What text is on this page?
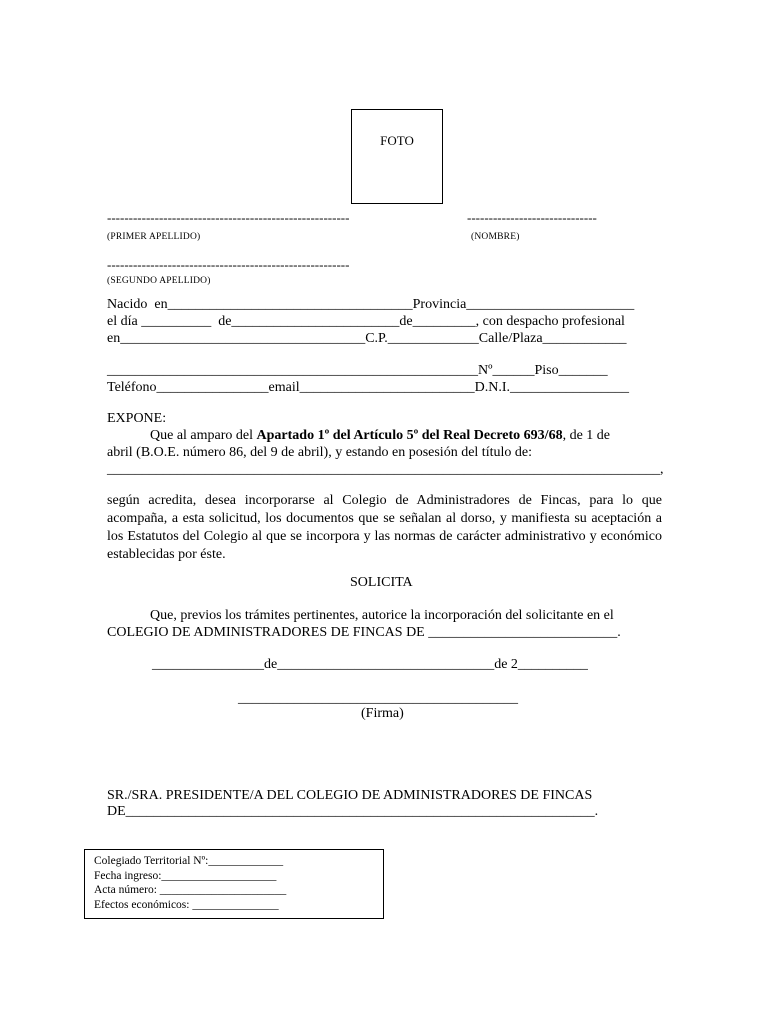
FOTO
--------------------------------------------------------
(PRIMER APELLIDO)
------------------------------
(NOMBRE)
--------------------------------------------------------
(SEGUNDO APELLIDO)
Nacido  en___________________________________Provincia________________________
el día __________  de________________________de_________, con despacho profesional
en___________________________________C.P._____________Calle/Plaza____________
_____________________________________________________Nº______Piso_______
Teléfono________________email_________________________D.N.I._________________
EXPONE:
Que al amparo del Apartado 1º del Artículo 5º del Real Decreto 693/68, de 1 de
abril (B.O.E. número 86, del 9 de abril), y estando en posesión del título de:
_______________________________________________________________________________,
según acredita, desea incorporarse al Colegio de Administradores de Fincas, para lo que acompaña, a esta solicitud, los documentos que se señalan al dorso, y manifiesta su aceptación a los Estatutos del Colegio al que se incorpora y las normas de carácter administrativo y económico establecidas por éste.
SOLICITA
Que, previos los trámites pertinentes, autorice la incorporación del solicitante en el
COLEGIO DE ADMINISTRADORES DE FINCAS DE ___________________________.
________________de_______________________________de 2__________
________________________________________
(Firma)
SR./SRA. PRESIDENTE/A DEL COLEGIO DE ADMINISTRADORES DE FINCAS
DE___________________________________________________________________.
Colegiado Territorial Nº:_____________
Fecha ingreso:____________________
Acta número: ______________________
Efectos económicos: _______________
